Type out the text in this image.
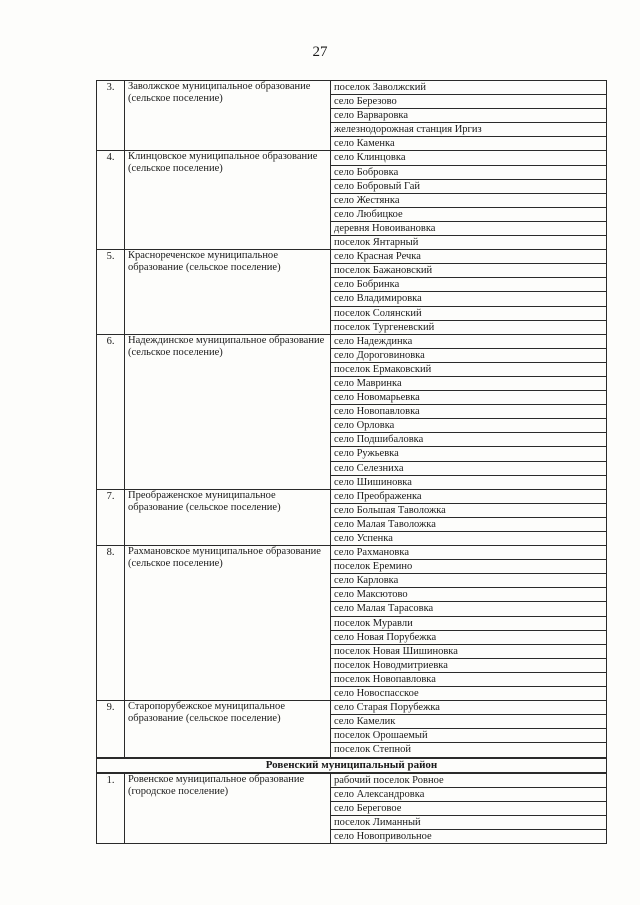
27
3.	Заволжское муниципальное образование (сельское поселение)	поселок Заволжский
		село Березово
		село Варваровка
		железнодорожная станция Иргиз
		село Каменка
4.	Клинцовское муниципальное образование (сельское поселение)	село Клинцовка
		село Бобровка
		село Бобровый Гай
		село Жестянка
		село Любицкое
		деревня Новоивановка
		поселок Янтарный
5.	Краснореченское муниципальное образование (сельское поселение)	село Красная Речка
		поселок Бажановский
		село Бобринка
		село Владимировка
		поселок Солянский
		поселок Тургеневский
6.	Надеждинское муниципальное образование (сельское поселение)	село Надеждинка
		село Дороговиновка
		поселок Ермаковский
		село Мавринка
		село Новомарьевка
		село Новопавловка
		село Орловка
		село Подшибаловка
		село Ружьевка
		село Селезниха
		село Шишиновка
7.	Преображенское муниципальное образование (сельское поселение)	село Преображенка
		село Большая Таволожка
		село Малая Таволожка
		село Успенка
8.	Рахмановское муниципальное образование (сельское поселение)	село Рахмановка
		поселок Еремино
		село Карловка
		село Максютово
		село Малая Тарасовка
		поселок Муравли
		село Новая Порубежка
		поселок Новая Шишиновка
		поселок Новодмитриевка
		поселок Новопавловка
		село Новоспасское
9.	Старопорубежское муниципальное образование (сельское поселение)	село Старая Порубежка
		село Камелик
		поселок Орошаемый
		поселок Степной
Ровенский муниципальный район		
1.	Ровенское муниципальное образование (городское поселение)	рабочий поселок Ровное
		село Александровка
		село Береговое
		поселок Лиманный
		село Новопривольное
